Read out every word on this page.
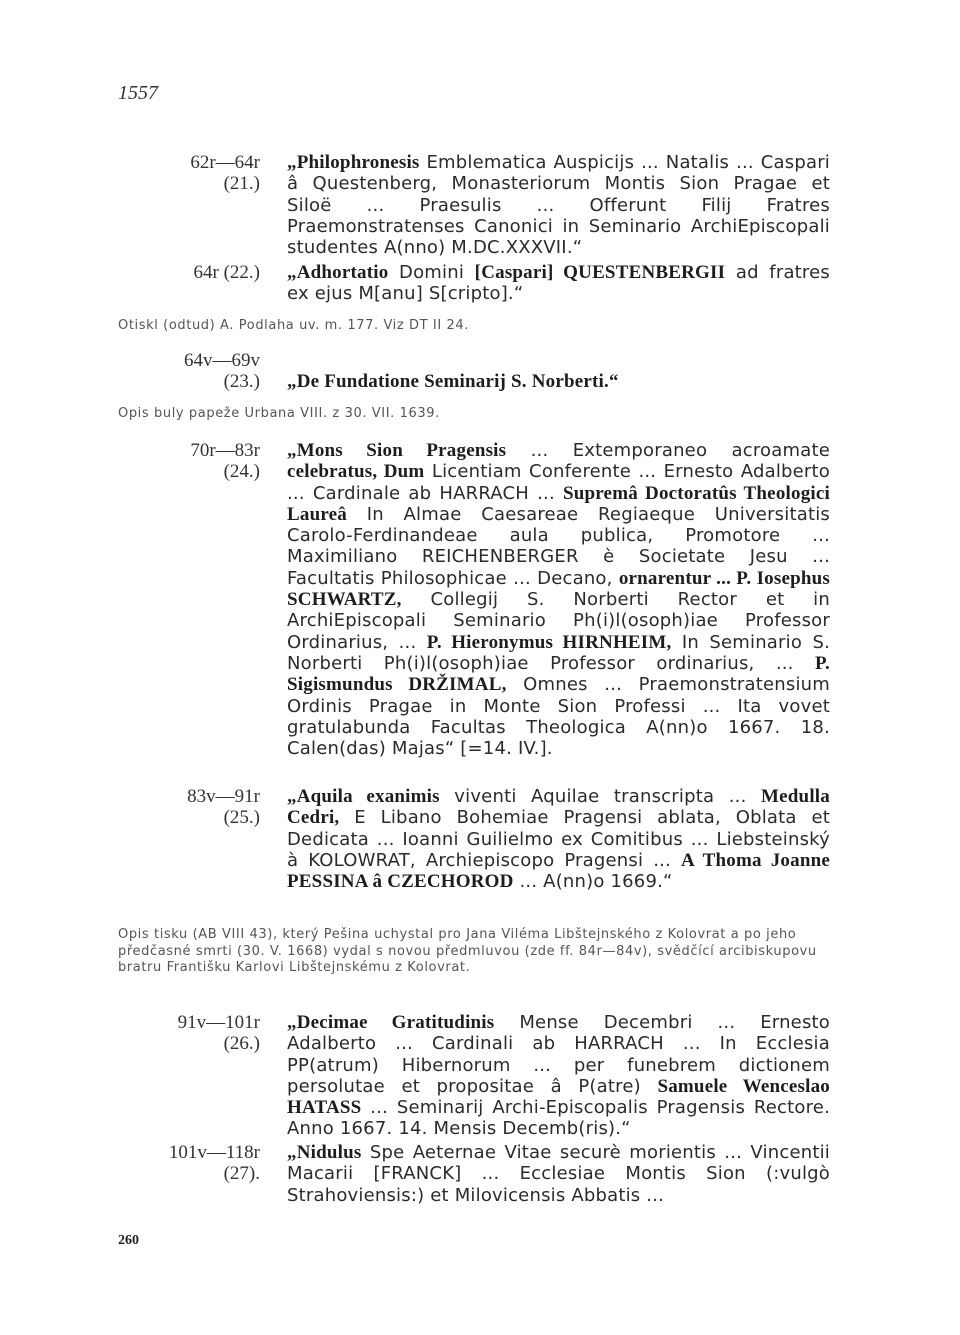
1557
62r—64r
(21.)
„Philophronesis Emblematica Auspicijs ... Natalis ... Caspari â Questenberg, Monasteriorum Montis Sion Pragae et Siloë ... Praesulis ... Offerunt Filij Fratres Praemonstratenses Canonici in Seminario ArchiEpiscopali studentes A(nno) M.DC.XXXVII.“
64r (22.) „Adhortatio Domini [Caspari] QUESTENBERGII ad fratres ex ejus M[anu] S[cripto].“
Otiskl (odtud) A. Podlaha uv. m. 177. Viz DT II 24.
64v—69v
(23.) „De Fundatione Seminarij S. Norberti.“
Opis buly papeže Urbana VIII. z 30. VII. 1639.
70r—83r
(24.)
„Mons Sion Pragensis ... Extemporaneo acroamate celebratus, Dum Licentiam Conferente ... Ernesto Adalberto ... Cardinale ab HARRACH ... Supremâ Doctoratûs Theologici Laureâ In Almae Caesareae Regiaeque Universitatis Carolo-Ferdinandeae aula publica, Promotore ... Maximiliano REICHENBERGER è Societate Jesu ... Facultatis Philosophicae ... Decano, ornarentur ... P. Iosephus SCHWARTZ, Collegij S. Norberti Rector et in ArchiEpiscopali Seminario Ph(i)l(osoph)iae Professor Ordinarius, ... P. Hieronymus HIRNHEIM, In Seminario S. Norberti Ph(i)l(osoph)iae Professor ordinarius, ... P. Sigismundus DRŽIMAL, Omnes ... Praemonstratensium Ordinis Pragae in Monte Sion Professi ... Ita vovet gratulabunda Facultas Theologica A(nn)o 1667. 18. Calen(das) Majas“ [=14. IV.].
83v—91r
(25.)
„Aquila exanimis viventi Aquilae transcripta ... Medulla Cedri, E Libano Bohemiae Pragensi ablata, Oblata et Dedicata ... Ioanni Guilielmo ex Comitibus ... Liebsteinský à KOLOWRAT, Archiepiscopo Pragensi ... A Thoma Joanne PESSINA â CZECHOROD ... A(nn)o 1669.“
Opis tisku (AB VIII 43), který Pešina uchystal pro Jana Viléma Libštejnského z Kolovrat a po jeho předčasné smrti (30. V. 1668) vydal s novou předmluvou (zde ff. 84r—84v), svědčící arcibiskupovu bratru Františku Karlovi Libštejnskému z Kolovrat.
91v—101r
(26.)
„Decimae Gratitudinis Mense Decembri ... Ernesto Adalberto ... Cardinali ab HARRACH ... In Ecclesia PP(atrum) Hibernorum ... per funebrem dictionem persolutae et propositae â P(atre) Samuele Wenceslao HATASS ... Seminarij Archi-Episcopalis Pragensis Rectore. Anno 1667. 14. Mensis Decemb(ris).“
101v—118r
(27).
„Nidulus Spe Aeternae Vitae securè morientis ... Vincentii Macarii [FRANCK] ... Ecclesiae Montis Sion (:vulgò Strahoviensis:) et Milovicensis Abbatis ...
260
